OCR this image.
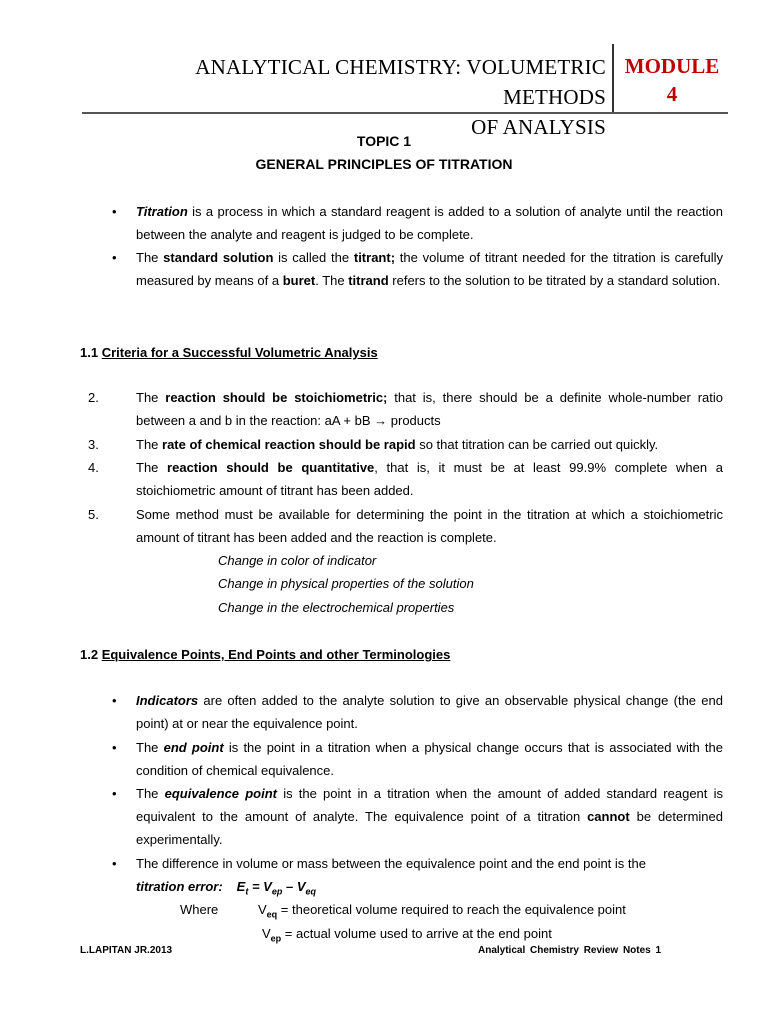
ANALYTICAL CHEMISTRY: VOLUMETRIC METHODS
OF ANALYSIS
MODULE
4
TOPIC 1
GENERAL PRINCIPLES OF TITRATION
• Titration is a process in which a standard reagent is added to a solution of analyte until the reaction between the analyte and reagent is judged to be complete.
• The standard solution is called the titrant; the volume of titrant needed for the titration is carefully measured by means of a buret. The titrand refers to the solution to be titrated by a standard solution.
1.1 Criteria for a Successful Volumetric Analysis
2.	The reaction should be stoichiometric; that is, there should be a definite whole-number ratio between a and b in the reaction: aA + bB → products
3.	The rate of chemical reaction should be rapid so that titration can be carried out quickly.
4.	The reaction should be quantitative, that is, it must be at least 99.9% complete when a stoichiometric amount of titrant has been added.
5.	Some method must be available for determining the point in the titration at which a stoichiometric amount of titrant has been added and the reaction is complete.
Change in color of indicator
Change in physical properties of the solution
Change in the electrochemical properties
1.2 Equivalence Points, End Points and other Terminologies
• Indicators are often added to the analyte solution to give an observable physical change (the end point) at or near the equivalence point.
• The end point is the point in a titration when a physical change occurs that is associated with the condition of chemical equivalence.
• The equivalence point is the point in a titration when the amount of added standard reagent is equivalent to the amount of analyte. The equivalence point of a titration cannot be determined experimentally.
• The difference in volume or mass between the equivalence point and the end point is the
titration error: $E_t = V_{ep} - V_{eq}$
Where	$V_{eq}$ = theoretical volume required to reach the equivalence point
$V_{ep}$ = actual volume used to arrive at the end point
L.LAPITAN JR.2013	Analytical Chemistry Review Notes 1
